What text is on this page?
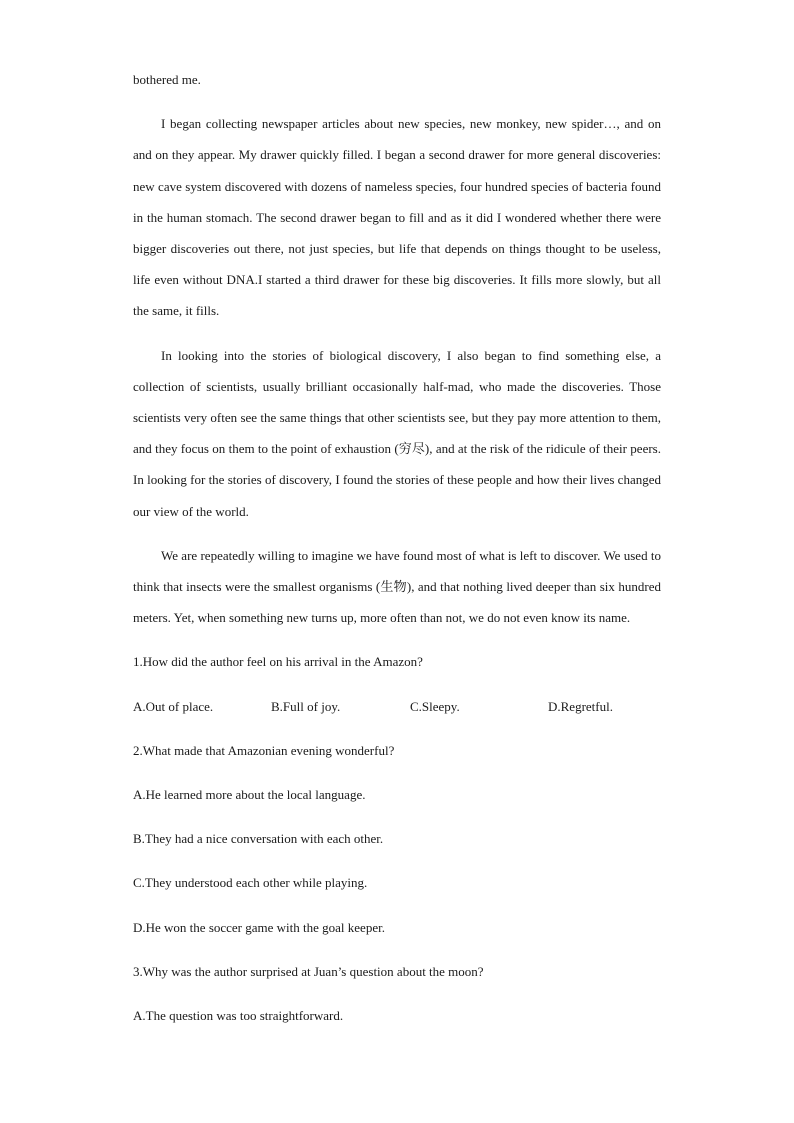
bothered me.

I began collecting newspaper articles about new species, new monkey, new spider…, and on and on they appear. My drawer quickly filled. I began a second drawer for more general discoveries: new cave system discovered with dozens of nameless species, four hundred species of bacteria found in the human stomach. The second drawer began to fill and as it did I wondered whether there were bigger discoveries out there, not just species, but life that depends on things thought to be useless, life even without DNA.I started a third drawer for these big discoveries. It fills more slowly, but all the same, it fills.

In looking into the stories of biological discovery, I also began to find something else, a collection of scientists, usually brilliant occasionally half-mad, who made the discoveries. Those scientists very often see the same things that other scientists see, but they pay more attention to them, and they focus on them to the point of exhaustion (穷尽), and at the risk of the ridicule of their peers. In looking for the stories of discovery, I found the stories of these people and how their lives changed our view of the world.

We are repeatedly willing to imagine we have found most of what is left to discover. We used to think that insects were the smallest organisms (生物), and that nothing lived deeper than six hundred meters. Yet, when something new turns up, more often than not, we do not even know its name.

1.How did the author feel on his arrival in the Amazon?

A.Out of place.	B.Full of joy.	C.Sleepy.	D.Regretful.

2.What made that Amazonian evening wonderful?

A.He learned more about the local language.

B.They had a nice conversation with each other.

C.They understood each other while playing.

D.He won the soccer game with the goal keeper.

3.Why was the author surprised at Juan’s question about the moon?

A.The question was too straightforward.
